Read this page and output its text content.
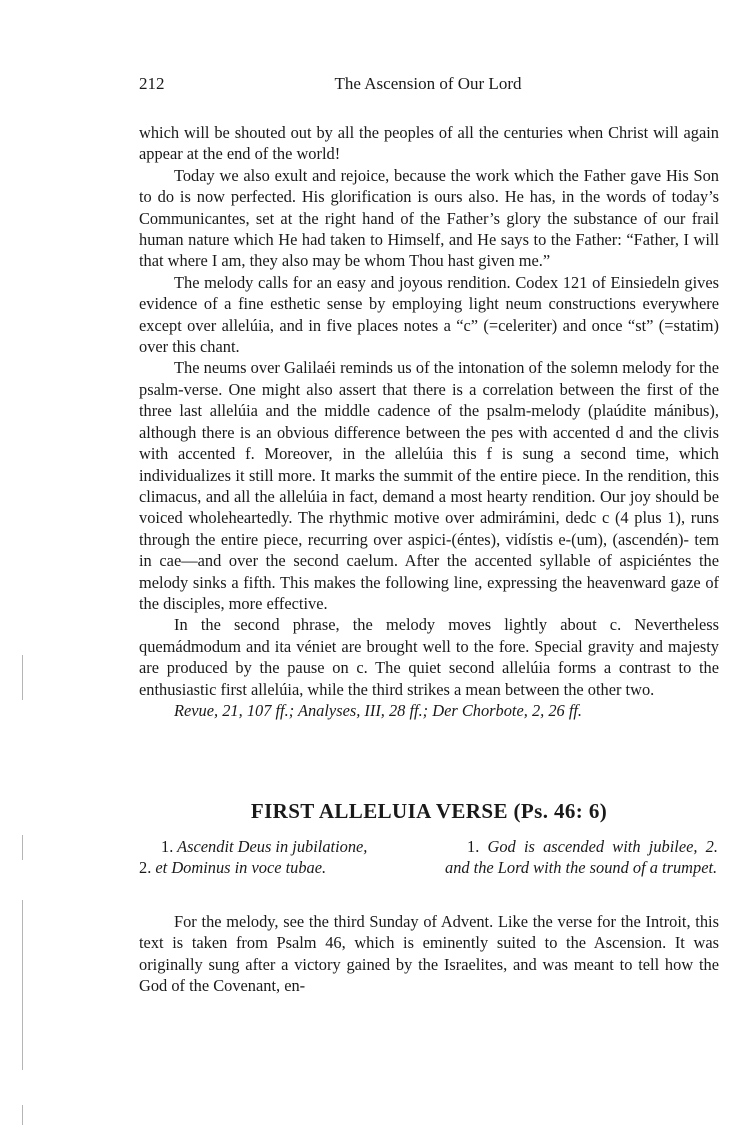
212	The Ascension of Our Lord

which will be shouted out by all the peoples of all the centuries when Christ will again appear at the end of the world!

Today we also exult and rejoice, because the work which the Father gave His Son to do is now perfected. His glorification is ours also. He has, in the words of today’s Communicantes, set at the right hand of the Father’s glory the substance of our frail human nature which He had taken to Himself, and He says to the Father: “Father, I will that where I am, they also may be whom Thou hast given me.”

The melody calls for an easy and joyous rendition. Codex 121 of Einsiedeln gives evidence of a fine esthetic sense by employing light neum constructions everywhere except over allelúia, and in five places notes a “c” (=celeriter) and once “st” (=statim) over this chant.

The neums over Galilaéi reminds us of the intonation of the solemn melody for the psalm-verse. One might also assert that there is a correlation between the first of the three last allelúia and the middle cadence of the psalm-melody (plaúdite mánibus), although there is an obvious difference between the pes with accented d and the clivis with accented f. Moreover, in the allelúia this f is sung a second time, which individualizes it still more. It marks the summit of the entire piece. In the rendition, this climacus, and all the allelúia in fact, demand a most hearty rendition. Our joy should be voiced wholeheartedly. The rhythmic motive over admirámini, dedc c (4 plus 1), runs through the entire piece, recurring over aspici-(éntes), vidístis e-(um), (ascendén)- tem in cae—and over the second caelum. After the accented syllable of aspiciéntes the melody sinks a fifth. This makes the following line, expressing the heavenward gaze of the disciples, more effective.

In the second phrase, the melody moves lightly about c. Nevertheless quemádmodum and ita véniet are brought well to the fore. Special gravity and majesty are produced by the pause on c. The quiet second allelúia forms a contrast to the enthusiastic first allelúia, while the third strikes a mean between the other two.

Revue, 21, 107 ff.; Analyses, III, 28 ff.; Der Chorbote, 2, 26 ff.

FIRST ALLELUIA VERSE (Ps. 46: 6)
1. Ascendit Deus in jubilatione,
2. et Dominus in voce tubae.
1. God is ascended with jubilee, 2. and the Lord with the sound of a trumpet.

For the melody, see the third Sunday of Advent. Like the verse for the Introit, this text is taken from Psalm 46, which is eminently suited to the Ascension. It was originally sung after a victory gained by the Israelites, and was meant to tell how the God of the Covenant, en-
